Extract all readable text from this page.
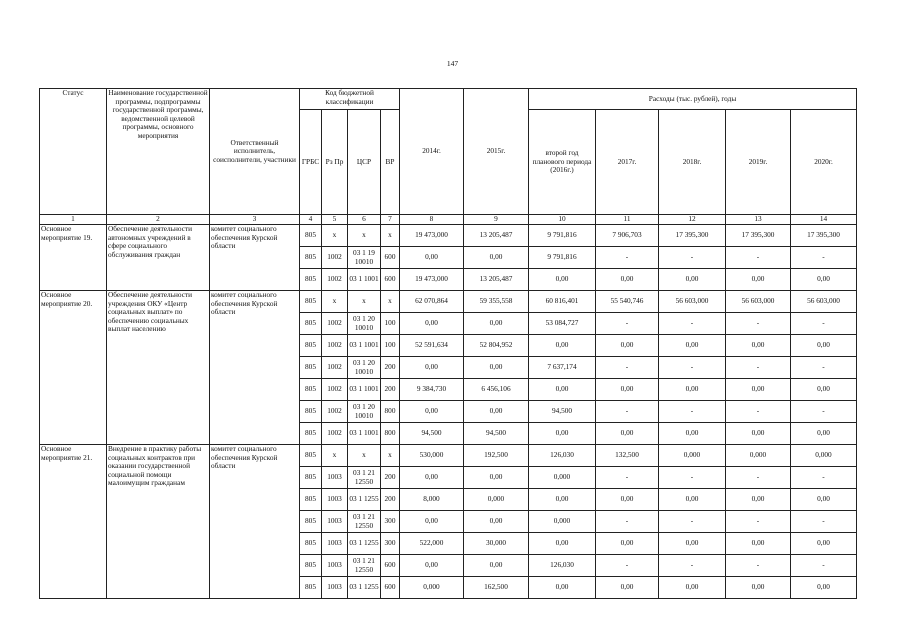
147
Статус	Наименование государственной программы, подпрограммы государственной программы, ведомственной целевой программы, основного мероприятия	Ответственный исполнитель, соисполнители, участники	Код бюджетной классификации				2014г.	2015г.	Расходы (тыс. рублей), годы				
			ГРБС	Рз Пр	ЦСР	ВР			второй год планового периода (2016г.)	2017г.	2018г.	2019г.	2020г.
1	2	3	4	5	6	7	8	9	10	11	12	13	14
Основное мероприятие 19.	Обеспечение деятельности автономных учреждений в сфере социального обслуживания граждан	комитет социального обеспечения Курской области	805	x	x	x	19 473,000	13 205,487	9 791,816	7 906,703	17 395,300	17 395,300	17 395,300
			805	1002	03 1 19 10010	600	0,00	0,00	9 791,816	-	-	-	-
			805	1002	03 1 1001	600	19 473,000	13 205,487	0,00	0,00	0,00	0,00	0,00
Основное мероприятие 20.	Обеспечение деятельности учреждения ОКУ «Центр социальных выплат» по обеспечению социальных выплат населению	комитет социального обеспечения Курской области	805	x	x	x	62 070,864	59 355,558	60 816,401	55 540,746	56 603,000	56 603,000	56 603,000
			805	1002	03 1 20 10010	100	0,00	0,00	53 084,727	-	-	-	-
			805	1002	03 1 1001	100	52 591,634	52 804,952	0,00	0,00	0,00	0,00	0,00
			805	1002	03 1 20 10010	200	0,00	0,00	7 637,174	-	-	-	-
			805	1002	03 1 1001	200	9 384,730	6 456,106	0,00	0,00	0,00	0,00	0,00
			805	1002	03 1 20 10010	800	0,00	0,00	94,500	-	-	-	-
			805	1002	03 1 1001	800	94,500	94,500	0,00	0,00	0,00	0,00	0,00
Основное мероприятие 21.	Внедрение в практику работы социальных контрактов при оказании государственной социальной помощи малоимущим гражданам	комитет социального обеспечения Курской области	805	x	x	x	530,000	192,500	126,030	132,500	0,000	0,000	0,000
			805	1003	03 1 21 12550	200	0,00	0,00	0,000	-	-	-	-
			805	1003	03 1 1255	200	8,000	0,000	0,00	0,00	0,00	0,00	0,00
			805	1003	03 1 21 12550	300	0,00	0,00	0,000	-	-	-	-
			805	1003	03 1 1255	300	522,000	30,000	0,00	0,00	0,00	0,00	0,00
			805	1003	03 1 21 12550	600	0,00	0,00	126,030	-	-	-	-
			805	1003	03 1 1255	600	0,000	162,500	0,00	0,00	0,00	0,00	0,00
